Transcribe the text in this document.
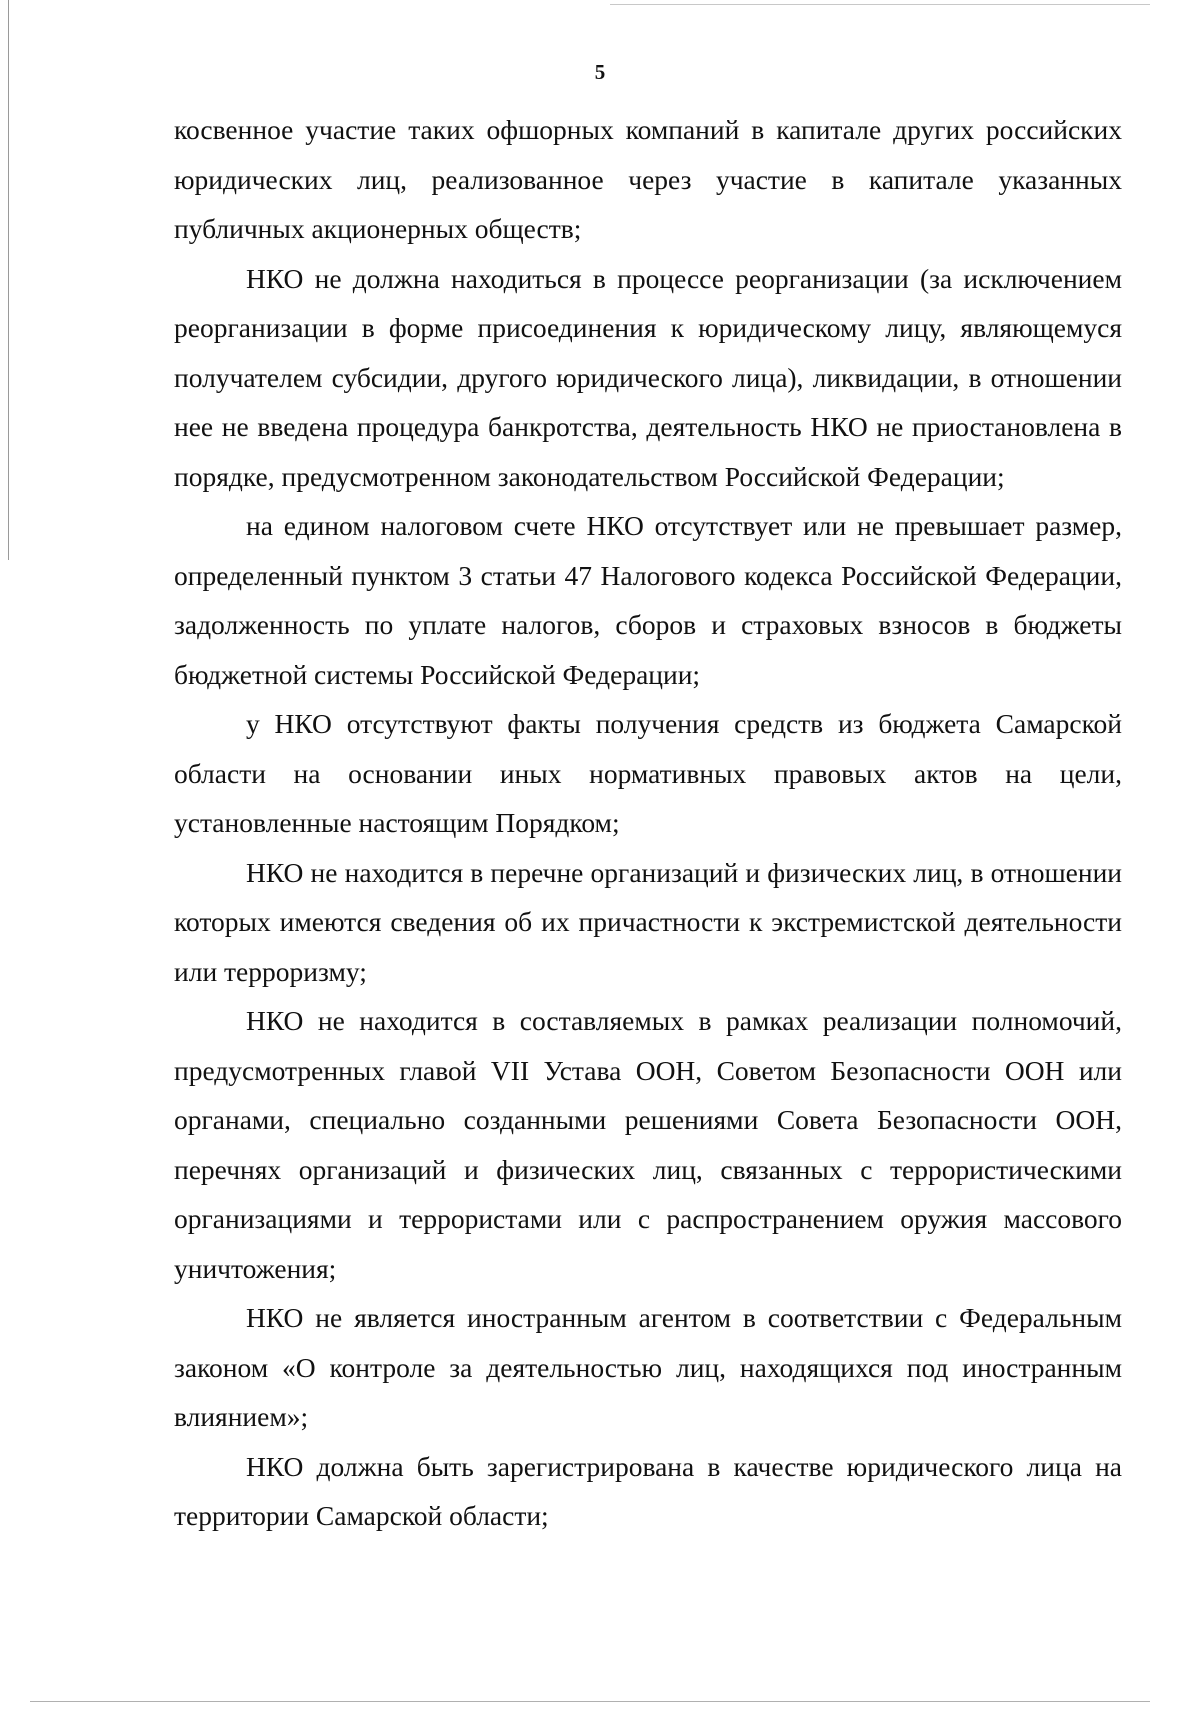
5

косвенное участие таких офшорных компаний в капитале других российских юридических лиц, реализованное через участие в капитале указанных публичных акционерных обществ;

НКО не должна находиться в процессе реорганизации (за исключением реорганизации в форме присоединения к юридическому лицу, являющемуся получателем субсидии, другого юридического лица), ликвидации, в отношении нее не введена процедура банкротства, деятельность НКО не приостановлена в порядке, предусмотренном законодательством Российской Федерации;

на едином налоговом счете НКО отсутствует или не превышает размер, определенный пунктом 3 статьи 47 Налогового кодекса Российской Федерации, задолженность по уплате налогов, сборов и страховых взносов в бюджеты бюджетной системы Российской Федерации;

у НКО отсутствуют факты получения средств из бюджета Самарской области на основании иных нормативных правовых актов на цели, установленные настоящим Порядком;

НКО не находится в перечне организаций и физических лиц, в отношении которых имеются сведения об их причастности к экстремистской деятельности или терроризму;

НКО не находится в составляемых в рамках реализации полномочий, предусмотренных главой VII Устава ООН, Советом Безопасности ООН или органами, специально созданными решениями Совета Безопасности ООН, перечнях организаций и физических лиц, связанных с террористическими организациями и террористами или с распространением оружия массового уничтожения;

НКО не является иностранным агентом в соответствии с Федеральным законом «О контроле за деятельностью лиц, находящихся под иностранным влиянием»;

НКО должна быть зарегистрирована в качестве юридического лица на территории Самарской области;
